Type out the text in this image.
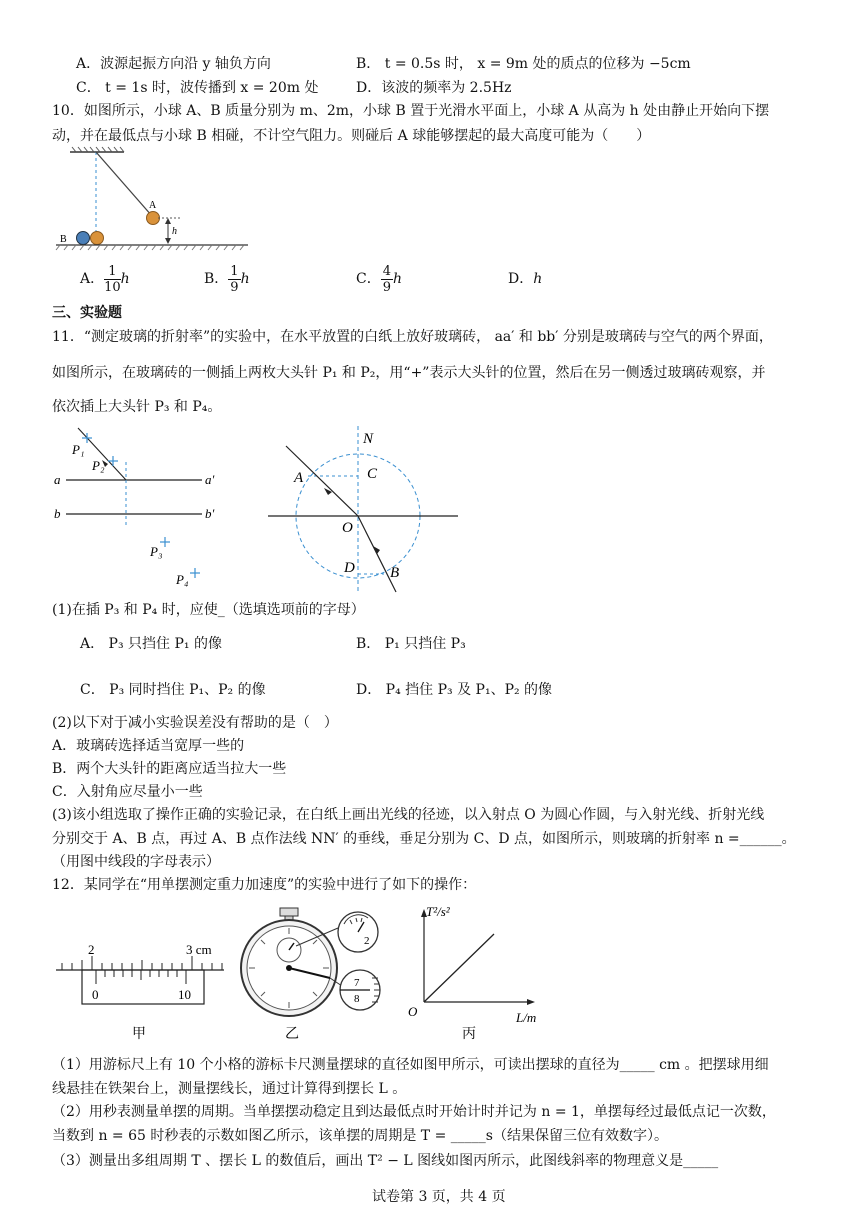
A．波源起振方向沿 y 轴负方向	B． t = 0.5s 时， x = 9m 处的质点的位移为 −5cm
C． t = 1s 时，波传播到 x = 20m 处	D．该波的频率为 2.5Hz
10．如图所示，小球 A、B 质量分别为 m、2m，小球 B 置于光滑水平面上，小球 A 从高为 h 处由静止开始向下摆
动，并在最低点与小球 B 相碰，不计空气阻力。则碰后 A 球能够摆起的最大高度可能为（　　）
A
B
h
A． $\frac{1}{10}$ h	B． $\frac{1}{9}$ h	C． $\frac{4}{9}$ h	D．h
三、实验题
11．“测定玻璃的折射率”的实验中，在水平放置的白纸上放好玻璃砖， aa′ 和 bb′ 分别是玻璃砖与空气的两个界面，
如图所示，在玻璃砖的一侧插上两枚大头针 P₁ 和 P₂，用“+”表示大头针的位置，然后在另一侧透过玻璃砖观察，并
依次插上大头针 P₃ 和 P₄。
P₁
P₂
P₃
P₄
a	a′
b	b′
N
A	C
O
D B
(1)在插 P₃ 和 P₄ 时，应使_（选填选项前的字母）
A． P₃ 只挡住 P₁ 的像	B． P₁ 只挡住 P₃
C． P₃ 同时挡住 P₁、P₂ 的像	D． P₄ 挡住 P₃ 及 P₁、P₂ 的像
(2)以下对于减小实验误差没有帮助的是（　）
A．玻璃砖选择适当宽厚一些的
B．两个大头针的距离应适当拉大一些
C．入射角应尽量小一些
(3)该小组选取了操作正确的实验记录，在白纸上画出光线的径迹，以入射点 O 为圆心作圆，与入射光线、折射光线
分别交于 A、B 点，再过 A、B 点作法线 NN′ 的垂线，垂足分别为 C、D 点，如图所示，则玻璃的折射率 n =______。
（用图中线段的字母表示）
12．某同学在“用单摆测定重力加速度”的实验中进行了如下的操作：
2	3 cm
0	10
甲
2
7
8
乙
T²/s²
L/m
O
丙
（1）用游标尺上有 10 个小格的游标卡尺测量摆球的直径如图甲所示，可读出摆球的直径为_____ cm 。把摆球用细
线悬挂在铁架台上，测量摆线长，通过计算得到摆长 L 。
（2）用秒表测量单摆的周期。当单摆摆动稳定且到达最低点时开始计时并记为 n = 1，单摆每经过最低点记一次数，
当数到 n = 65 时秒表的示数如图乙所示，该单摆的周期是 T = _____s（结果保留三位有效数字）。
（3）测量出多组周期 T 、摆长 L 的数值后，画出 T² − L 图线如图丙所示，此图线斜率的物理意义是_____
试卷第 3 页，共 4 页
